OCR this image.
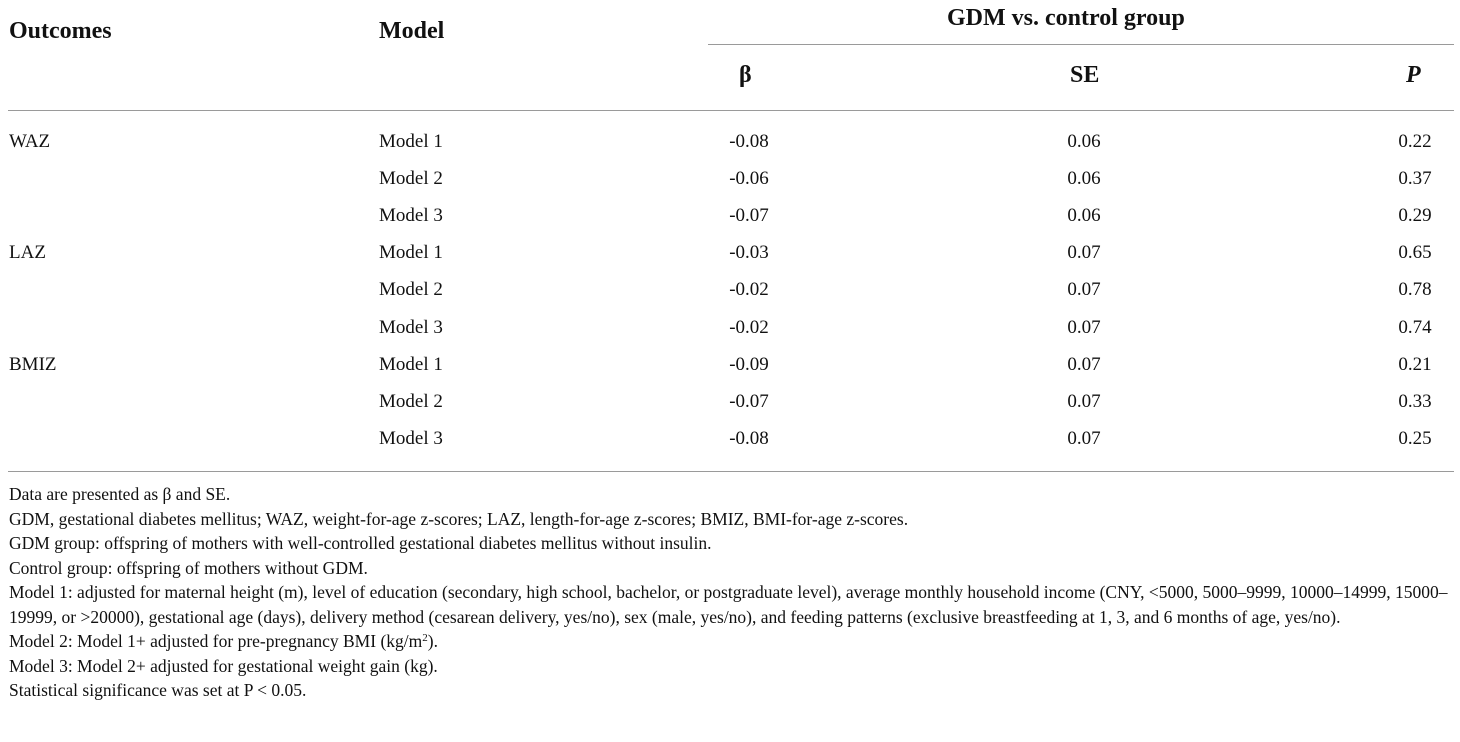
Outcomes	Model	GDM vs. control group
β	SE	P
WAZ	Model 1	-0.08	0.06	0.22
Model 2	-0.06	0.06	0.37
Model 3	-0.07	0.06	0.29
LAZ	Model 1	-0.03	0.07	0.65
Model 2	-0.02	0.07	0.78
Model 3	-0.02	0.07	0.74
BMIZ	Model 1	-0.09	0.07	0.21
Model 2	-0.07	0.07	0.33
Model 3	-0.08	0.07	0.25

Data are presented as β and SE.

GDM, gestational diabetes mellitus; WAZ, weight-for-age z-scores; LAZ, length-for-age z-scores; BMIZ, BMI-for-age z-scores.

GDM group: offspring of mothers with well-controlled gestational diabetes mellitus without insulin.

Control group: offspring of mothers without GDM.

Model 1: adjusted for maternal height (m), level of education (secondary, high school, bachelor, or postgraduate level), average monthly household income (CNY, <5000, 5000–9999, 10000–14999, 15000–19999, or >20000), gestational age (days), delivery method (cesarean delivery, yes/no), sex (male, yes/no), and feeding patterns (exclusive breastfeeding at 1, 3, and 6 months of age, yes/no).

Model 2: Model 1+ adjusted for pre-pregnancy BMI $(kg/m^2)$.

Model 3: Model 2+ adjusted for gestational weight gain (kg).

Statistical significance was set at P < 0.05.
